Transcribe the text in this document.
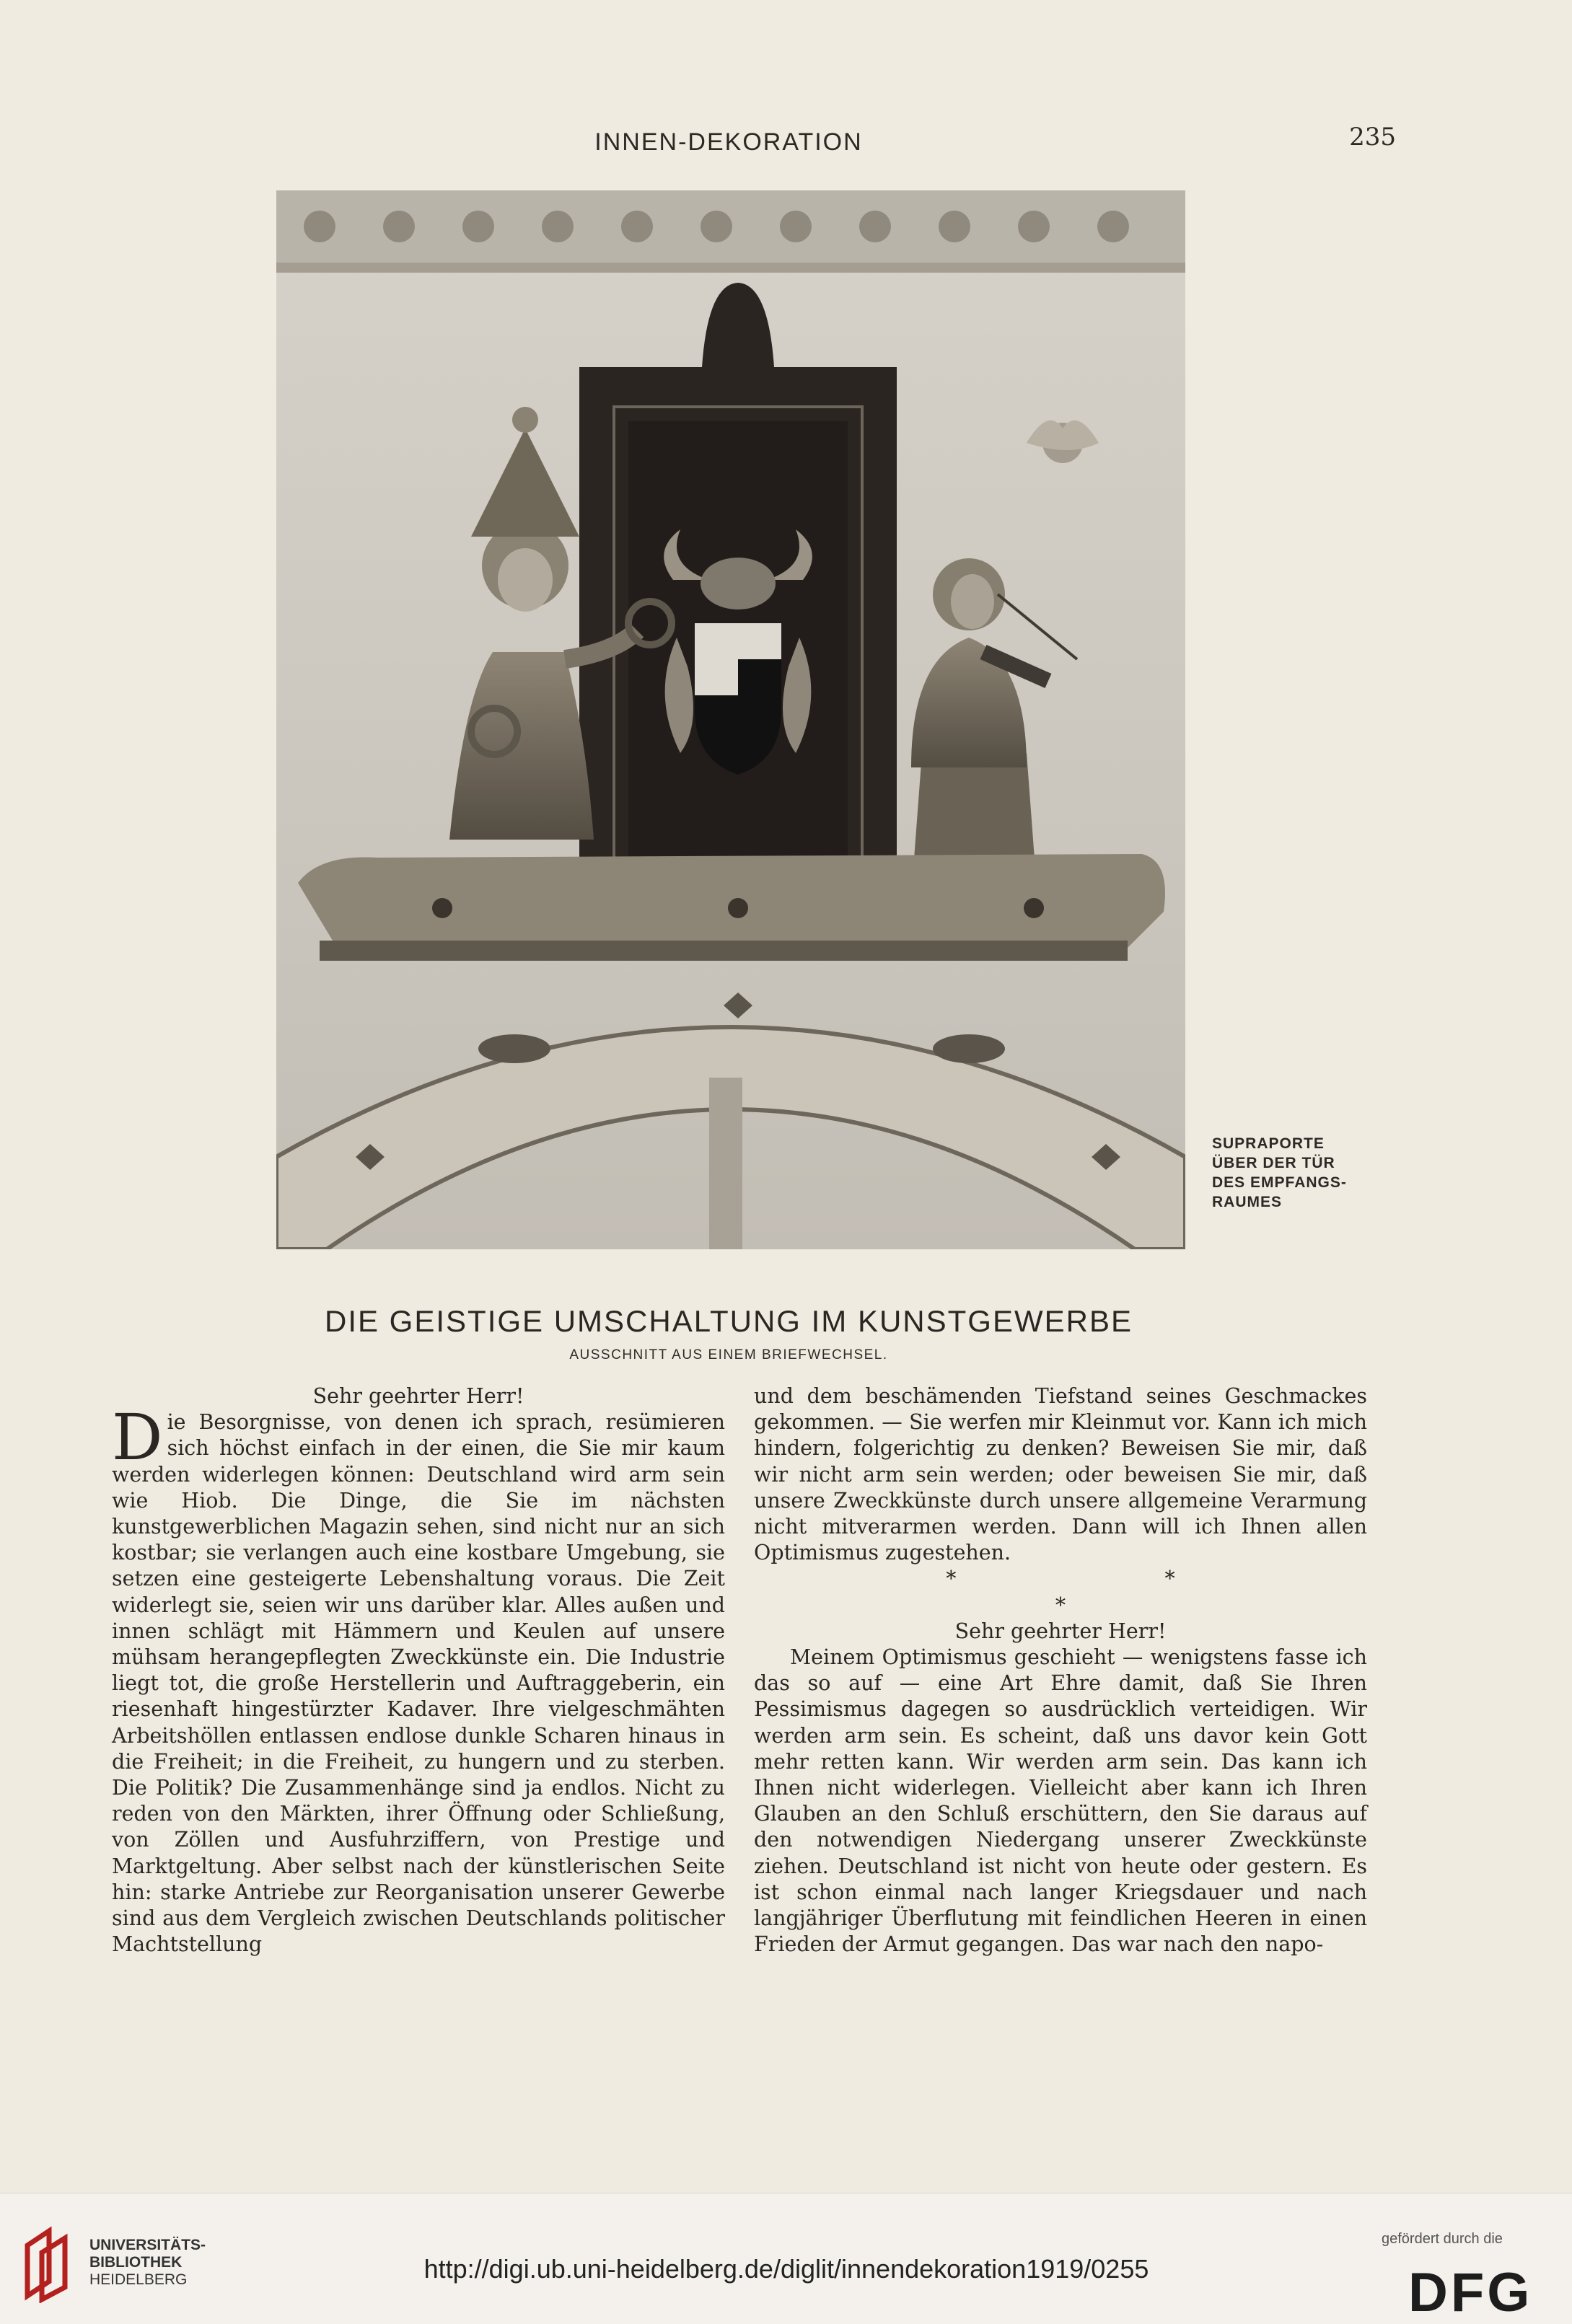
INNEN-DEKORATION	235
SUPRAPORTE
ÜBER DER TÜR
DES EMPFANGS-
RAUMES
DIE GEISTIGE UMSCHALTUNG IM KUNSTGEWERBE
AUSSCHNITT AUS EINEM BRIEFWECHSEL.

Sehr geehrter Herr!

Die Besorgnisse, von denen ich sprach, resümieren sich höchst einfach in der einen, die Sie mir kaum werden widerlegen können: Deutschland wird arm sein wie Hiob. Die Dinge, die Sie im nächsten kunstgewerblichen Magazin sehen, sind nicht nur an sich kostbar; sie verlangen auch eine kostbare Umgebung, sie setzen eine gesteigerte Lebenshaltung voraus. Die Zeit widerlegt sie, seien wir uns darüber klar. Alles außen und innen schlägt mit Hämmern und Keulen auf unsere mühsam herangepflegten Zweckkünste ein. Die Industrie liegt tot, die große Herstellerin und Auftraggeberin, ein riesenhaft hingestürzter Kadaver. Ihre vielgeschmähten Arbeitshöllen entlassen endlose dunkle Scharen hinaus in die Freiheit; in die Freiheit, zu hungern und zu sterben. Die Politik? Die Zusammenhänge sind ja endlos. Nicht zu reden von den Märkten, ihrer Öffnung oder Schließung, von Zöllen und Ausfuhrziffern, von Prestige und Marktgeltung. Aber selbst nach der künstlerischen Seite hin: starke Antriebe zur Reorganisation unserer Gewerbe sind aus dem Vergleich zwischen Deutschlands politischer Machtstellung

und dem beschämenden Tiefstand seines Geschmackes gekommen. — Sie werfen mir Kleinmut vor. Kann ich mich hindern, folgerichtig zu denken? Beweisen Sie mir, daß wir nicht arm sein werden; oder beweisen Sie mir, daß unsere Zweckkünste durch unsere allgemeine Verarmung nicht mitverarmen werden. Dann will ich Ihnen allen Optimismus zugestehen.

* * *

Sehr geehrter Herr!

Meinem Optimismus geschieht — wenigstens fasse ich das so auf — eine Art Ehre damit, daß Sie Ihren Pessimismus dagegen so ausdrücklich verteidigen. Wir werden arm sein. Es scheint, daß uns davor kein Gott mehr retten kann. Wir werden arm sein. Das kann ich Ihnen nicht widerlegen. Vielleicht aber kann ich Ihren Glauben an den Schluß erschüttern, den Sie daraus auf den notwendigen Niedergang unserer Zweckkünste ziehen. Deutschland ist nicht von heute oder gestern. Es ist schon einmal nach langer Kriegsdauer und nach langjähriger Überflutung mit feindlichen Heeren in einen Frieden der Armut gegangen. Das war nach den napo-

UNIVERSITÄTS-
BIBLIOTHEK
HEIDELBERG	http://digi.ub.uni-heidelberg.de/diglit/innendekoration1919/0255
gefördert durch die
DFG
